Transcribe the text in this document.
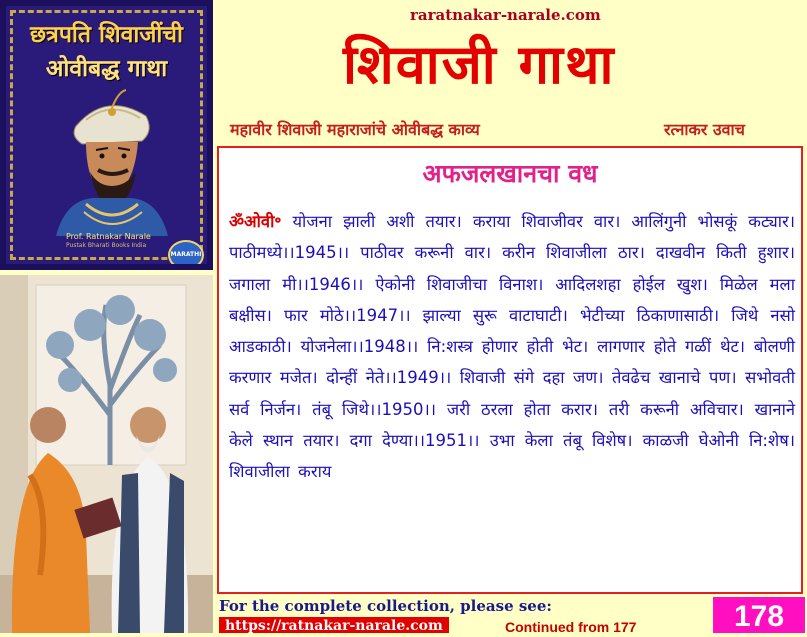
छत्रपति शिवाजींची
ओवीबद्ध गाथा
Prof. Ratnakar Narale
Pustak Bharati Books India
MARATHI
raratnakar-narale.com
शिवाजी गाथा
महावीर शिवाजी महाराजांचे ओवीबद्ध काव्य	रत्नाकर उवाच
अफजलखानचा वध
ॐओवी॰ योजना झाली अशी तयार। कराया शिवाजीवर वार। आलिंगुनी भोसकूं कट्यार। पाठीमध्ये।।1945।। पाठीवर करूनी वार। करीन शिवाजीला ठार। दाखवीन किती हुशार। जगाला मी।।1946।। ऐकोनी शिवाजीचा विनाश। आदिलशहा होईल खुश। मिळेल मला बक्षीस। फार मोठे।।1947।। झाल्या सुरू वाटाघाटी। भेटीच्या ठिकाणासाठी। जिथे नसो आडकाठी। योजनेला।।1948।। नि:शस्त्र होणार होती भेट। लागणार होते गळीं थेट। बोलणी करणार मजेत। दोन्हीं नेते।।1949।। शिवाजी संगे दहा जण। तेवढेच खानाचे पण। सभोवती सर्व निर्जन। तंबू जिथे।।1950।। जरी ठरला होता करार। तरी करूनी अविचार। खानाने केले स्थान तयार। दगा देण्या।।1951।। उभा केला तंबू विशेष। काळजी घेओनी नि:शेष। शिवाजीला कराय
For the complete collection, please see:
https://ratnakar-narale.com	Continued from 177	178
